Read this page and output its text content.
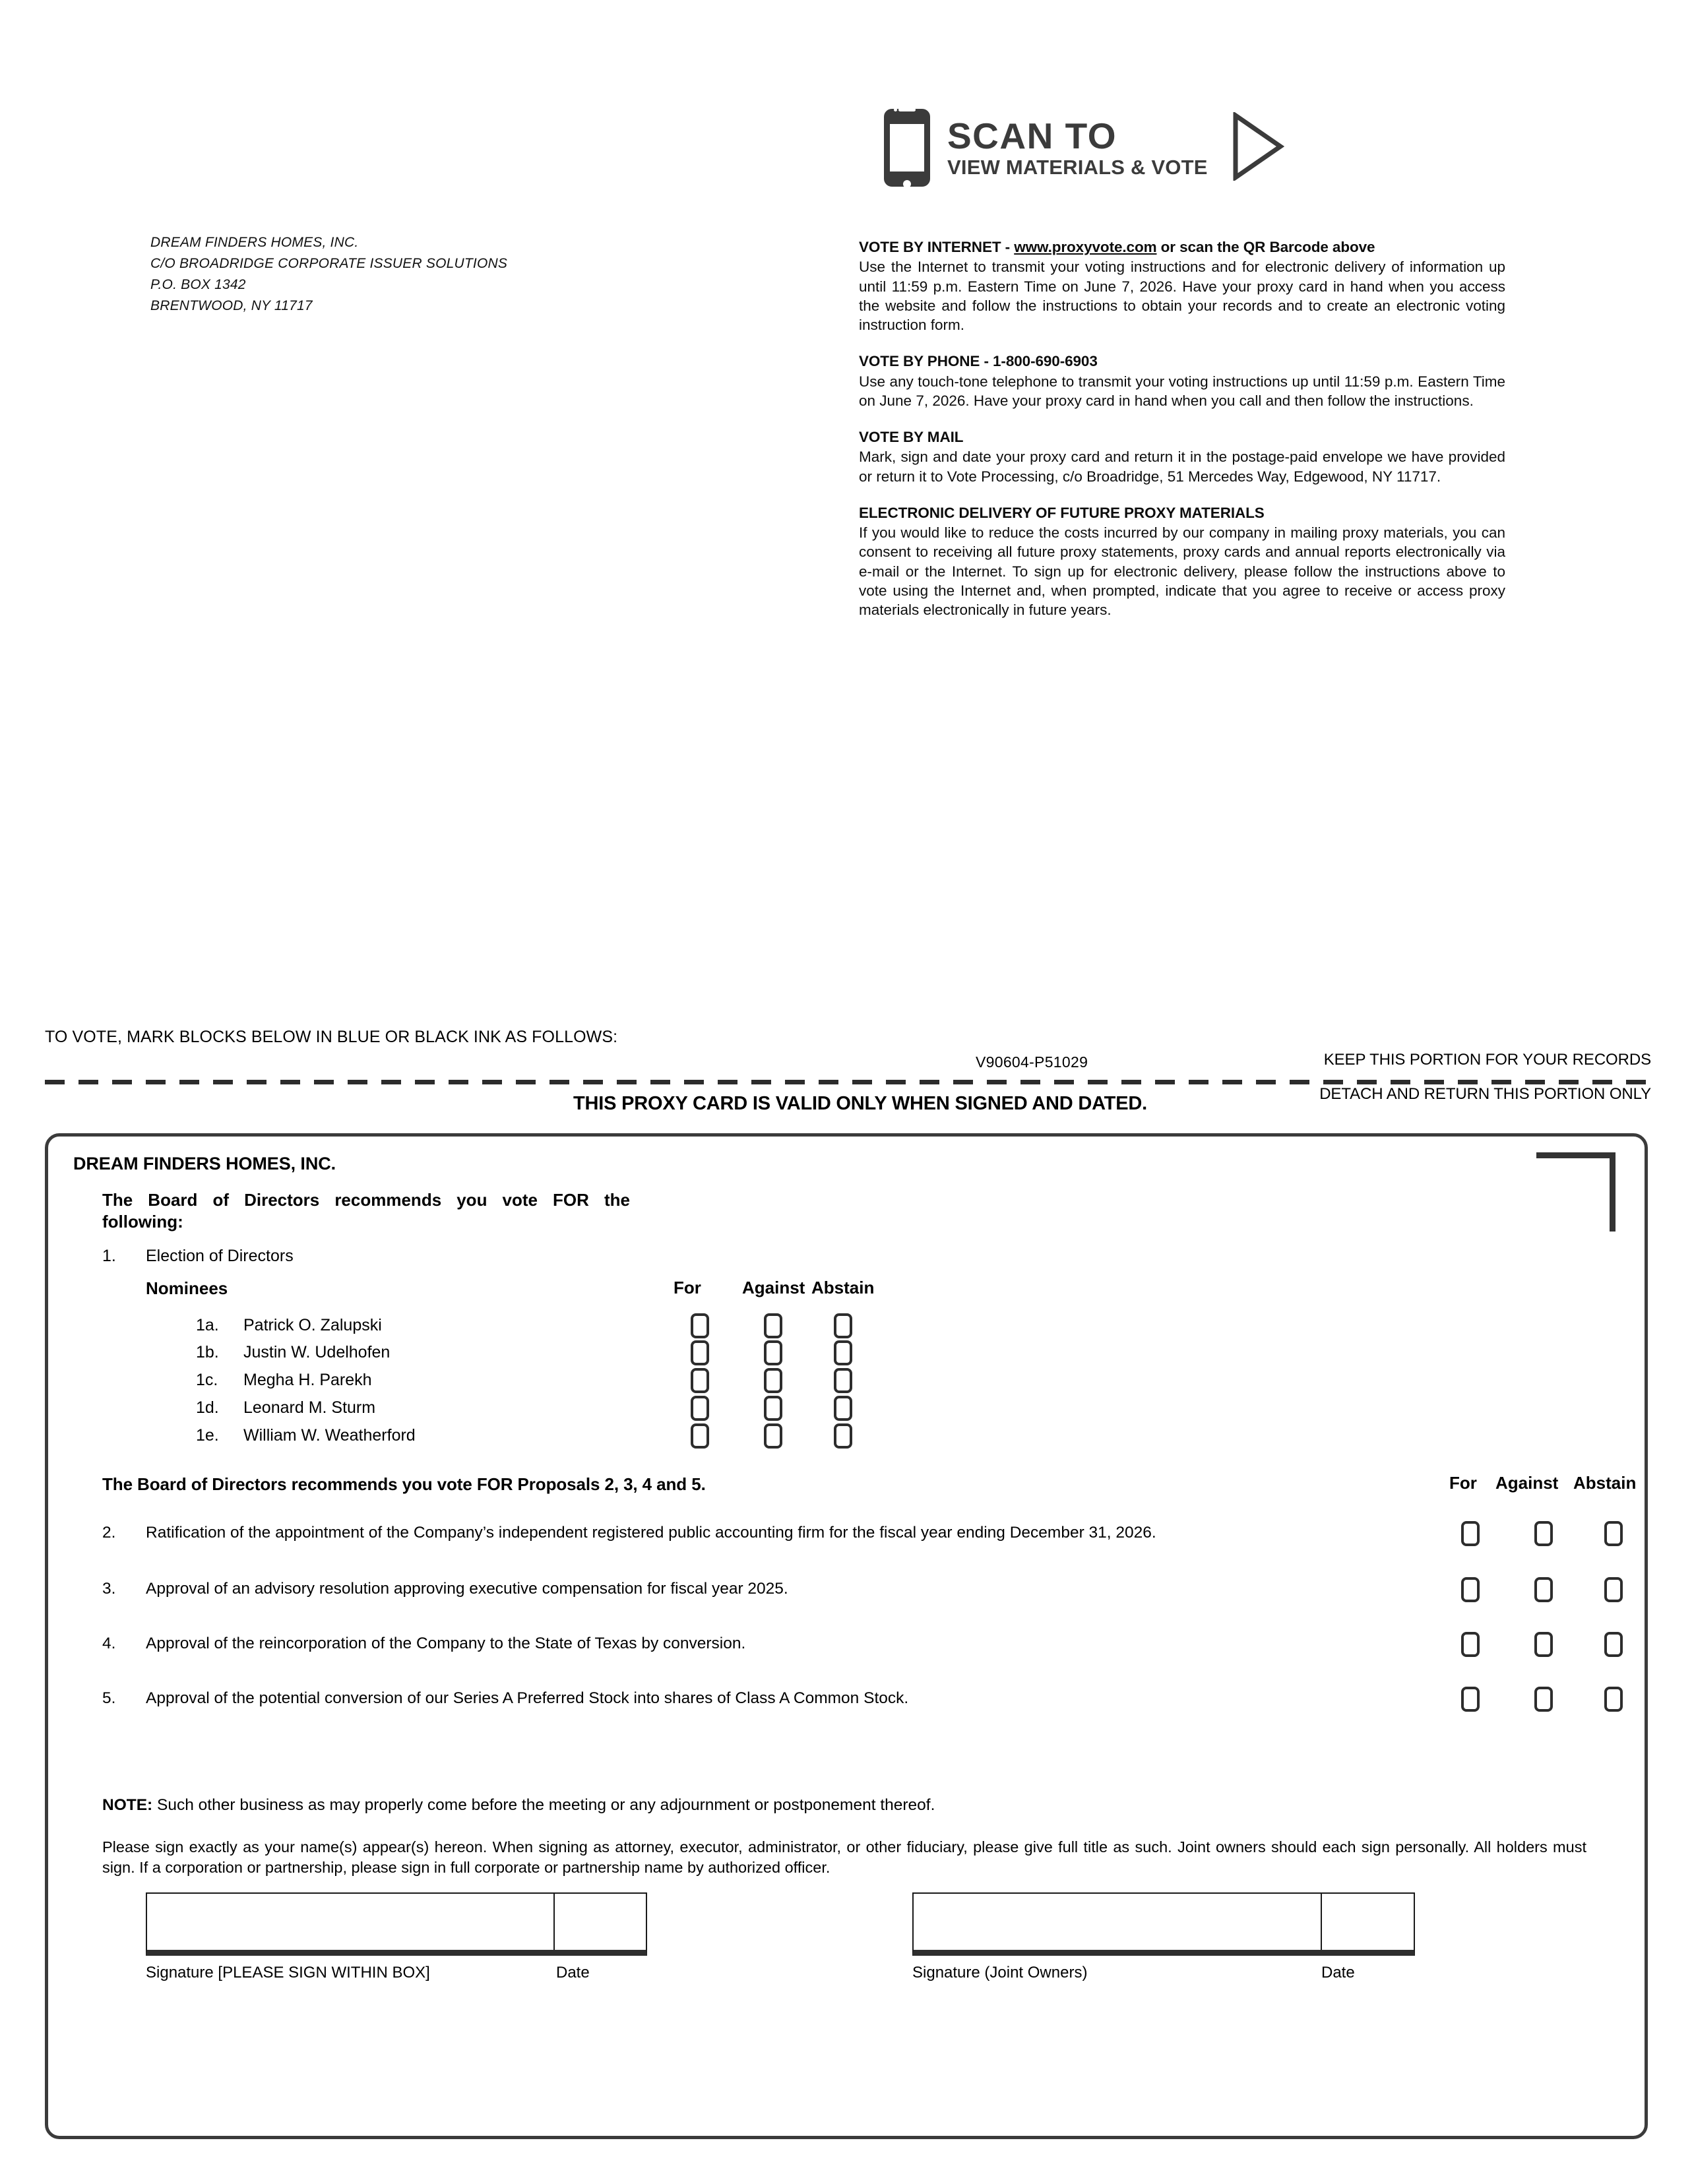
DREAM FINDERS HOMES, INC.
C/O BROADRIDGE CORPORATE ISSUER SOLUTIONS
P.O. BOX 1342
BRENTWOOD, NY 11717
SCAN TO
VIEW MATERIALS & VOTE
VOTE BY INTERNET - www.proxyvote.com or scan the QR Barcode above

Use the Internet to transmit your voting instructions and for electronic delivery of information up until 11:59 p.m. Eastern Time on June 7, 2026. Have your proxy card in hand when you access the website and follow the instructions to obtain your records and to create an electronic voting instruction form.

VOTE BY PHONE - 1-800-690-6903

Use any touch-tone telephone to transmit your voting instructions up until 11:59 p.m. Eastern Time on June 7, 2026. Have your proxy card in hand when you call and then follow the instructions.

VOTE BY MAIL

Mark, sign and date your proxy card and return it in the postage-paid envelope we have provided or return it to Vote Processing, c/o Broadridge, 51 Mercedes Way, Edgewood, NY 11717.

ELECTRONIC DELIVERY OF FUTURE PROXY MATERIALS

If you would like to reduce the costs incurred by our company in mailing proxy materials, you can consent to receiving all future proxy statements, proxy cards and annual reports electronically via e-mail or the Internet. To sign up for electronic delivery, please follow the instructions above to vote using the Internet and, when prompted, indicate that you agree to receive or access proxy materials electronically in future years.

TO VOTE, MARK BLOCKS BELOW IN BLUE OR BLACK INK AS FOLLOWS:
V90604-P51029	KEEP THIS PORTION FOR YOUR RECORDS
DETACH AND RETURN THIS PORTION ONLY
THIS PROXY CARD IS VALID ONLY WHEN SIGNED AND DATED.
DREAM FINDERS HOMES, INC.
The Board of Directors recommends you vote FOR the following:
1. Election of Directors
Nominees	For	Against Abstain
1a. Patrick O. Zalupski
1b. Justin W. Udelhofen
1c. Megha H. Parekh
1d. Leonard M. Sturm
1e. William W. Weatherford
The Board of Directors recommends you vote FOR Proposals 2, 3, 4 and 5.	For	Against Abstain
2. Ratification of the appointment of the Company’s independent registered public accounting firm for the fiscal year ending December 31, 2026.
3. Approval of an advisory resolution approving executive compensation for fiscal year 2025.
4. Approval of the reincorporation of the Company to the State of Texas by conversion.
5. Approval of the potential conversion of our Series A Preferred Stock into shares of Class A Common Stock.
NOTE: Such other business as may properly come before the meeting or any adjournment or postponement thereof.
Please sign exactly as your name(s) appear(s) hereon. When signing as attorney, executor, administrator, or other fiduciary, please give full title as such. Joint owners should each sign personally. All holders must sign. If a corporation or partnership, please sign in full corporate or partnership name by authorized officer.
Signature [PLEASE SIGN WITHIN BOX]	Date	Signature (Joint Owners)	Date
